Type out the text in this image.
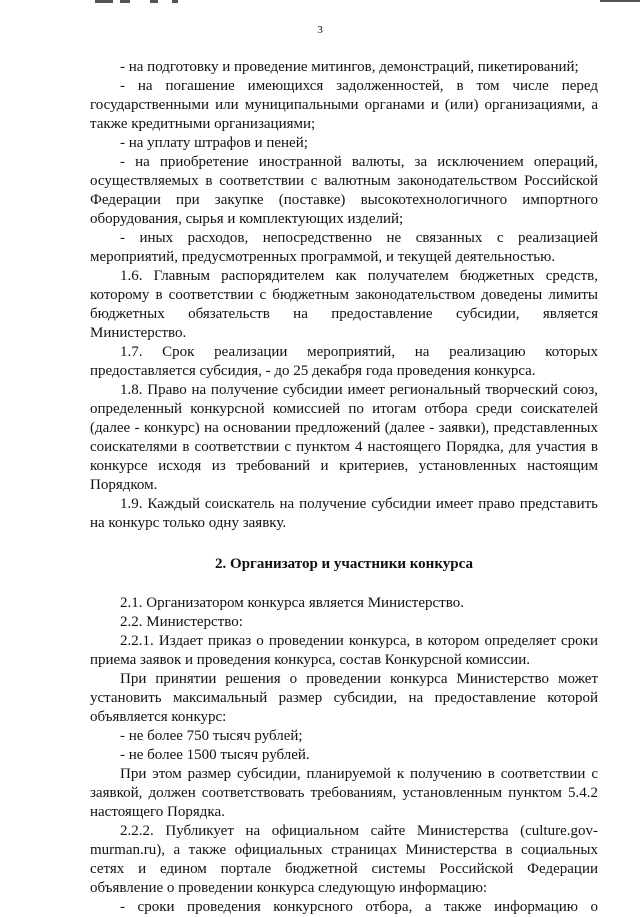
3

- на подготовку и проведение митингов, демонстраций, пикетирований;

- на погашение имеющихся задолженностей, в том числе перед государственными или муниципальными органами и (или) организациями, а также кредитными организациями;

- на уплату штрафов и пеней;

- на приобретение иностранной валюты, за исключением операций, осуществляемых в соответствии с валютным законодательством Российской Федерации при закупке (поставке) высокотехнологичного импортного оборудования, сырья и комплектующих изделий;

- иных расходов, непосредственно не связанных с реализацией мероприятий, предусмотренных программой, и текущей деятельностью.

1.6. Главным распорядителем как получателем бюджетных средств, которому в соответствии с бюджетным законодательством доведены лимиты бюджетных обязательств на предоставление субсидии, является Министерство.

1.7. Срок реализации мероприятий, на реализацию которых предоставляется субсидия, - до 25 декабря года проведения конкурса.

1.8. Право на получение субсидии имеет региональный творческий союз, определенный конкурсной комиссией по итогам отбора среди соискателей (далее - конкурс) на основании предложений (далее - заявки), представленных соискателями в соответствии с пунктом 4 настоящего Порядка, для участия в конкурсе исходя из требований и критериев, установленных настоящим Порядком.

1.9. Каждый соискатель на получение субсидии имеет право представить на конкурс только одну заявку.

2. Организатор и участники конкурса

2.1. Организатором конкурса является Министерство.

2.2. Министерство:

2.2.1. Издает приказ о проведении конкурса, в котором определяет сроки приема заявок и проведения конкурса, состав Конкурсной комиссии.

При принятии решения о проведении конкурса Министерство может установить максимальный размер субсидии, на предоставление которой объявляется конкурс:

- не более 750 тысяч рублей;

- не более 1500 тысяч рублей.

При этом размер субсидии, планируемой к получению в соответствии с заявкой, должен соответствовать требованиям, установленным пунктом 5.4.2 настоящего Порядка.

2.2.2. Публикует на официальном сайте Министерства (culture.gov-murman.ru), а также официальных страницах Министерства в социальных сетях и едином портале бюджетной системы Российской Федерации объявление о проведении конкурса следующую информацию:

- сроки проведения конкурсного отбора, а также информацию о
